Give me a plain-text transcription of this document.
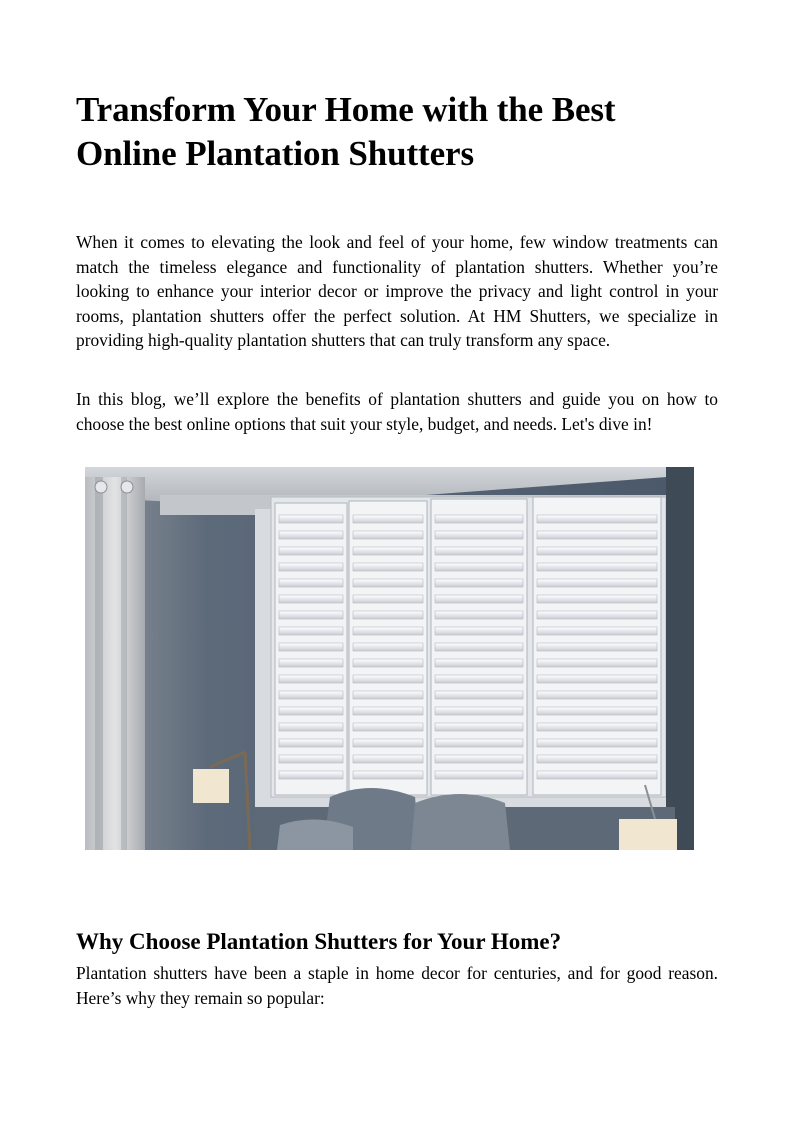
Transform Your Home with the Best Online Plantation Shutters

When it comes to elevating the look and feel of your home, few window treatments can match the timeless elegance and functionality of plantation shutters. Whether you’re looking to enhance your interior decor or improve the privacy and light control in your rooms, plantation shutters offer the perfect solution. At HM Shutters, we specialize in providing high-quality plantation shutters that can truly transform any space.

In this blog, we’ll explore the benefits of plantation shutters and guide you on how to choose the best online options that suit your style, budget, and needs. Let's dive in!

Why Choose Plantation Shutters for Your Home?

Plantation shutters have been a staple in home decor for centuries, and for good reason. Here’s why they remain so popular:
